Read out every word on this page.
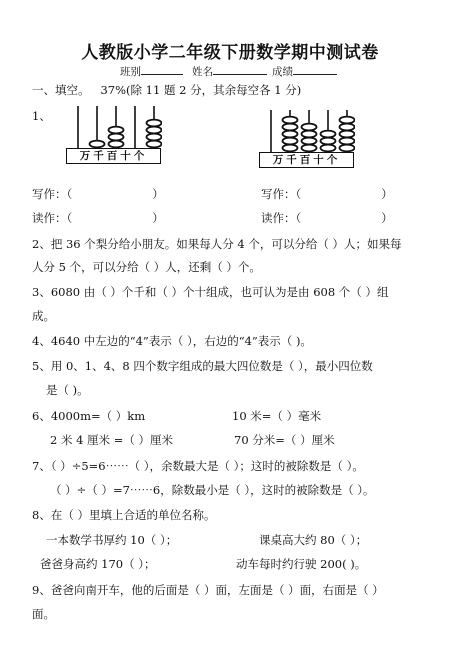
人教版小学二年级下册数学期中测试卷
班别	姓名	成绩
一、填空。 37%(除 11 题 2 分，其余每空各 1 分)
1、
万千百十个	万千百十个
写作：（	）	写作：（	）
读作：（	）	读作：（	）
2、把 36 个梨分给小朋友。如果每人分 4 个，可以分给（ ）人；如果每
人分 5 个，可以分给（ ）人，还剩（ ）个。
3、6080 由（ ）个千和（ ）个十组成，也可认为是由 608 个（ ）组
成。
4、4640 中左边的“4”表示（ ），右边的“4”表示（ )。
5、用 0、1、4、8 四个数字组成的最大四位数是（ ），最小四位数
是（ )。
6、4000m=（ ）km	10 米=（ ）毫米
2 米 4 厘米 =（ ）厘米	70 分米=（ ）厘米
7、（ ）÷5=6⋯⋯（ ），余数最大是（ ）；这时的被除数是（ ）。
（ ）÷（ ）=7⋯⋯6，除数最小是（ ），这时的被除数是（ ）。
8、在（ ）里填上合适的单位名称。
一本数学书厚约 10（ ）；	课桌高大约 80（ ）；
爸爸身高约 170（ ）；	动车每时约行驶 200( )。
9、爸爸向南开车，他的后面是（ ）面，左面是（ ）面，右面是（ ）
面。
